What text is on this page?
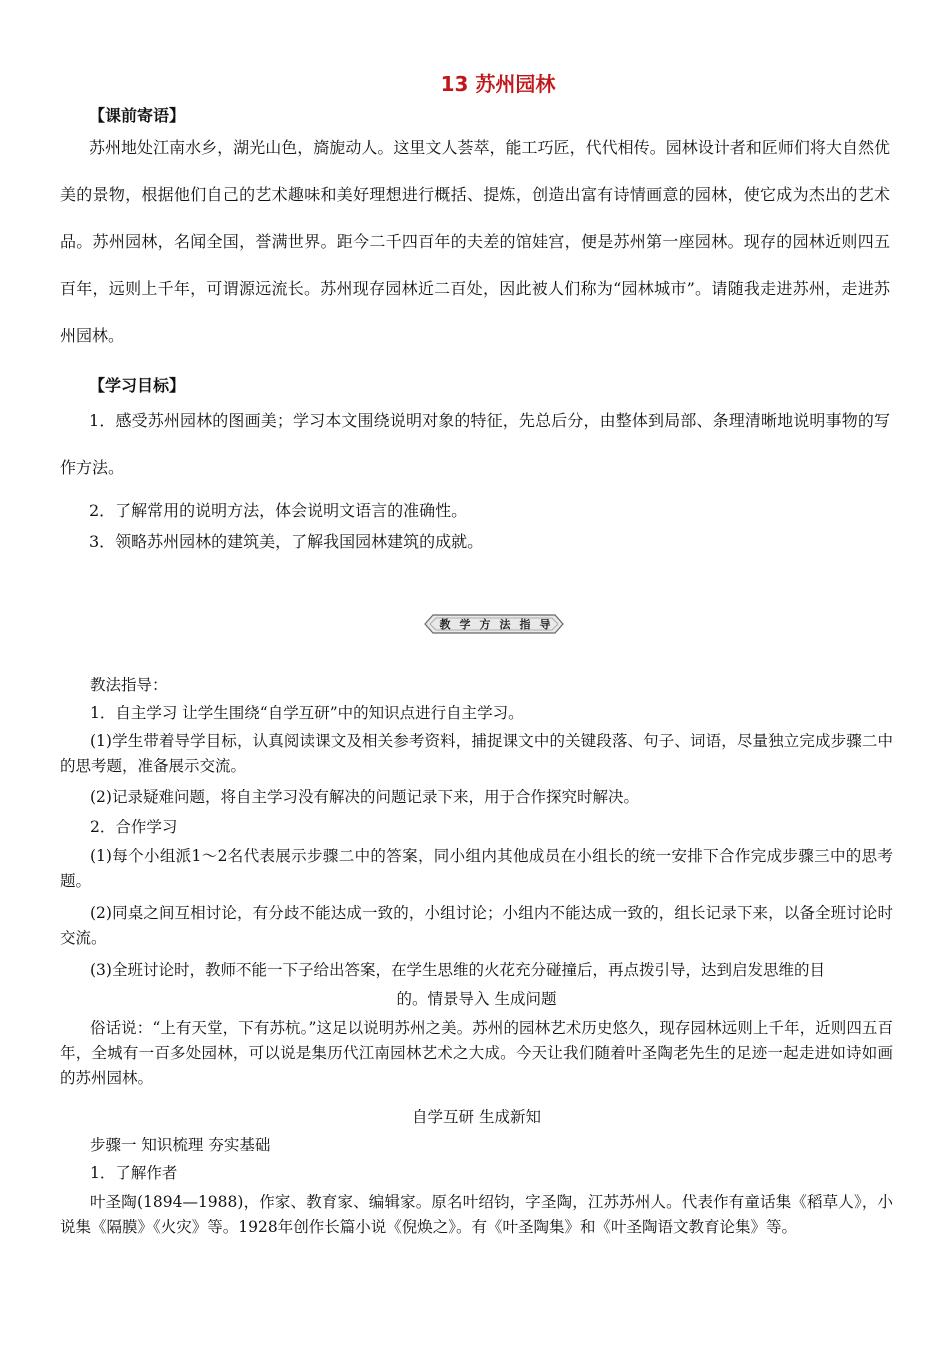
13 苏州园林
【课前寄语】

苏州地处江南水乡，湖光山色，旖旎动人。这里文人荟萃，能工巧匠，代代相传。园林设计者和匠师们将大自然优美的景物，根据他们自己的艺术趣味和美好理想进行概括、提炼，创造出富有诗情画意的园林，使它成为杰出的艺术品。苏州园林，名闻全国，誉满世界。距今二千四百年的夫差的馆娃宫，便是苏州第一座园林。现存的园林近则四五百年，远则上千年，可谓源远流长。苏州现存园林近二百处，因此被人们称为“园林城市”。请随我走进苏州，走进苏州园林。

【学习目标】

1．感受苏州园林的图画美；学习本文围绕说明对象的特征，先总后分，由整体到局部、条理清晰地说明事物的写作方法。

2．了解常用的说明方法，体会说明文语言的准确性。

3．领略苏州园林的建筑美，了解我国园林建筑的成就。

教 学 方 法 指 导

教法指导：

1．自主学习 让学生围绕“自学互研”中的知识点进行自主学习。

(1)学生带着导学目标，认真阅读课文及相关参考资料，捕捉课文中的关键段落、句子、词语，尽量独立完成步骤二中的思考题，准备展示交流。

(2)记录疑难问题，将自主学习没有解决的问题记录下来，用于合作探究时解决。

2．合作学习

(1)每个小组派1～2名代表展示步骤二中的答案，同小组内其他成员在小组长的统一安排下合作完成步骤三中的思考题。

(2)同桌之间互相讨论，有分歧不能达成一致的，小组讨论；小组内不能达成一致的，组长记录下来，以备全班讨论时交流。

(3)全班讨论时，教师不能一下子给出答案，在学生思维的火花充分碰撞后，再点拨引导，达到启发思维的目

的。情景导入 生成问题

俗话说：“上有天堂，下有苏杭。”这足以说明苏州之美。苏州的园林艺术历史悠久，现存园林远则上千年，近则四五百年，全城有一百多处园林，可以说是集历代江南园林艺术之大成。今天让我们随着叶圣陶老先生的足迹一起走进如诗如画的苏州园林。

自学互研 生成新知

步骤一 知识梳理 夯实基础

1．了解作者

叶圣陶(1894—1988)，作家、教育家、编辑家。原名叶绍钧，字圣陶，江苏苏州人。代表作有童话集《稻草人》，小说集《隔膜》《火灾》等。1928年创作长篇小说《倪焕之》。有《叶圣陶集》和《叶圣陶语文教育论集》等。
